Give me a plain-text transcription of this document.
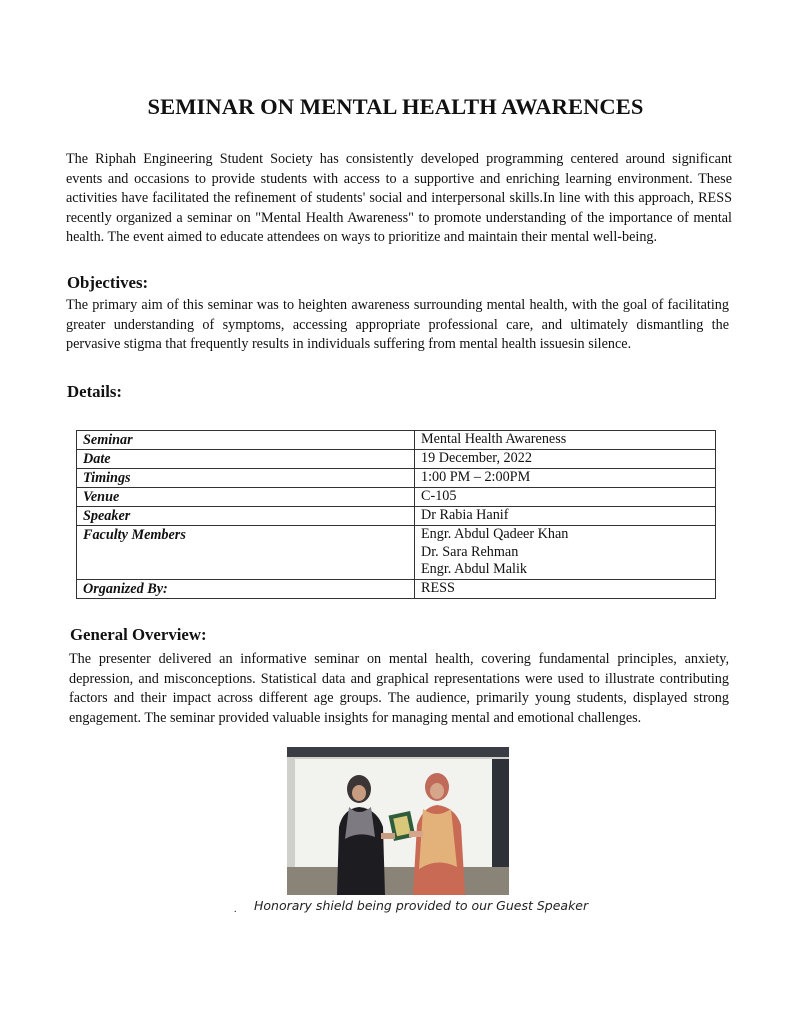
SEMINAR ON MENTAL HEALTH AWARENCES
The Riphah Engineering Student Society has consistently developed programming centered around significant events and occasions to provide students with access to a supportive and enriching learning environment. These activities have facilitated the refinement of students' social and interpersonal skills.In line with this approach, RESS recently organized a seminar on "Mental Health Awareness" to promote understanding of the importance of mental health. The event aimed to educate attendees on ways to prioritize and maintain their mental well-being.
Objectives:
The primary aim of this seminar was to heighten awareness surrounding mental health, with the goal of facilitating greater understanding of symptoms, accessing appropriate professional care, and ultimately dismantling the pervasive stigma that frequently results in individuals suffering from mental health issuesin silence.
Details:
Seminar	Mental Health Awareness

Date	19 December, 2022

Timings	1:00 PM – 2:00PM

Venue	C-105

Speaker	Dr Rabia Hanif

Faculty Members	Engr. Abdul Qadeer Khan
Dr. Sara Rehman
Engr. Abdul Malik

Organized By:	RESS
General Overview:
The presenter delivered an informative seminar on mental health, covering fundamental principles, anxiety, depression, and misconceptions. Statistical data and graphical representations were used to illustrate contributing factors and their impact across different age groups. The audience, primarily young students, displayed strong engagement. The seminar provided valuable insights for managing mental and emotional challenges.
. Honorary shield being provided to our Guest Speaker
